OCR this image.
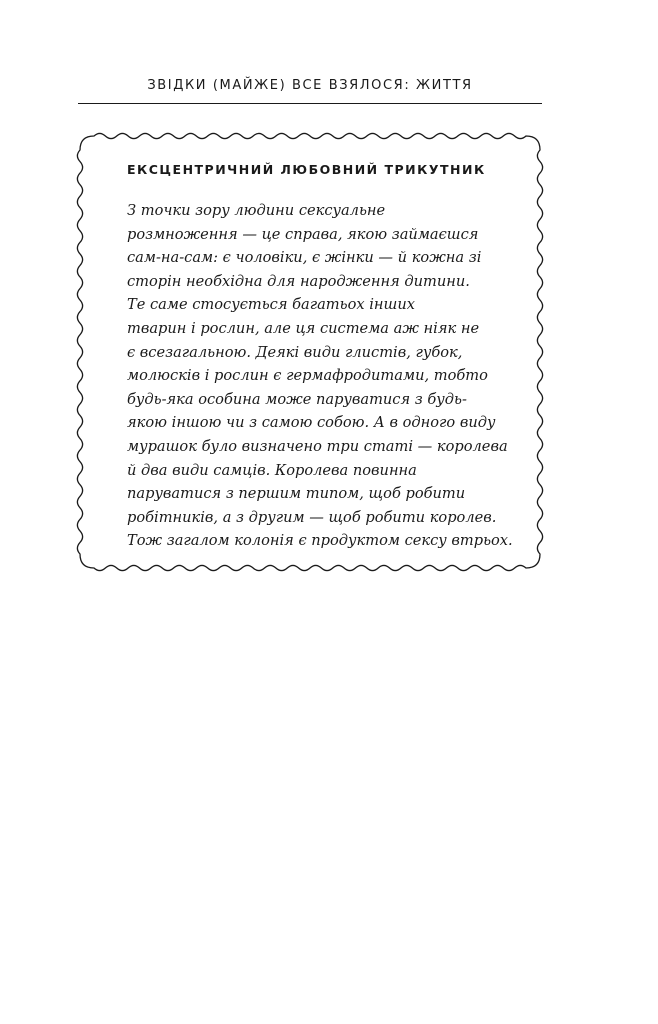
ЗВІДКИ (МАЙЖЕ) ВСЕ ВЗЯЛОСЯ: ЖИТТЯ
ЕКСЦЕНТРИЧНИЙ ЛЮБОВНИЙ ТРИКУТНИК

З точки зору людини сексуальне
розмноження — це справа, якою займаєшся
сам-на-сам: є чоловіки, є жінки — й кожна зі
сторін необхідна для народження дитини.
Те саме стосується багатьох інших
тварин і рослин, але ця система аж ніяк не
є всезагальною. Деякі види глистів, губок,
молюсків і рослин є гермафродитами, тобто
будь-яка особина може паруватися з будь-
якою іншою чи з самою собою. А в одного виду
мурашок було визначено три статі — королева
й два види самців. Королева повинна
паруватися з першим типом, щоб робити
робітників, а з другим — щоб робити королев.
Тож загалом колонія є продуктом сексу втрьох.
